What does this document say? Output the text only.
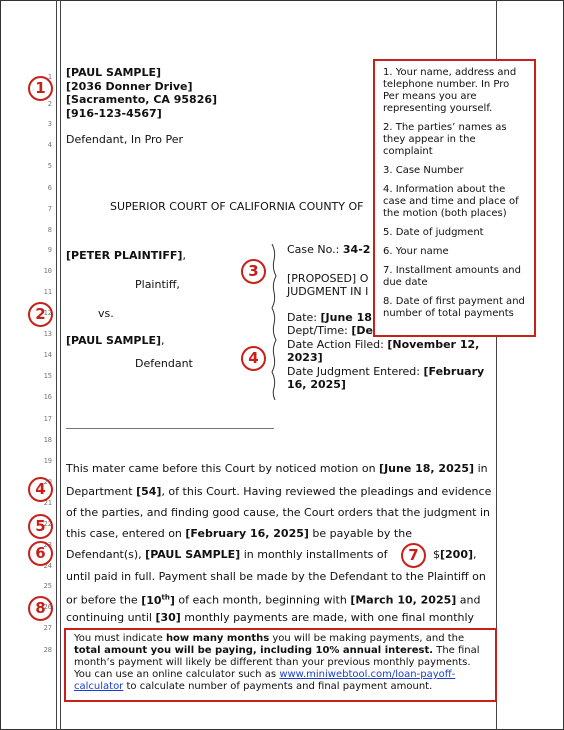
1
2
3
4
5
6
7
8
9
10
11
12
13
14
15
16
17
18
19
20
21
22
23
24
25
26
27
28
[PAUL SAMPLE]
[2036 Donner Drive]
[Sacramento, CA 95826]
[916-123-4567]
Defendant, In Pro Per
SUPERIOR COURT OF CALIFORNIA COUNTY OF
[PETER PLAINTIFF],
Plaintiff,
vs.
[PAUL SAMPLE],
Defendant
Case No.: 34-2
[PROPOSED] O
JUDGMENT IN I
Date: [June 18
Dept/Time: [De
Date Action Filed: [November 12,
2023]
Date Judgment Entered: [February
16, 2025]
This mater came before this Court by noticed motion on [June 18, 2025] in
Department [54], of this Court. Having reviewed the pleadings and evidence
of the parties, and finding good cause, the Court orders that the judgment in
this case, entered on [February 16, 2025] be payable by the
Defendant(s), [PAUL SAMPLE] in monthly installments of	$[200],
until paid in full. Payment shall be made by the Defendant to the Plaintiff on
or before the [10th] of each month, beginning with [March 10, 2025] and
continuing until [30] monthly payments are made, with one final monthly
1. Your name, address and telephone number. In Pro Per means you are representing yourself.
2. The parties’ names as they appear in the complaint
3. Case Number
4. Information about the case and time and place of the motion (both places)
5. Date of judgment
6. Your name
7. Installment amounts and due date
8. Date of first payment and number of total payments
You must indicate how many months you will be making payments, and the total amount you will be paying, including 10% annual interest. The final month’s payment will likely be different than your previous monthly payments. You can use an online calculator such as www.miniwebtool.com/loan-payoff-calculator to calculate number of payments and final payment amount.
1
2
3
4
4
5
6	7
8
